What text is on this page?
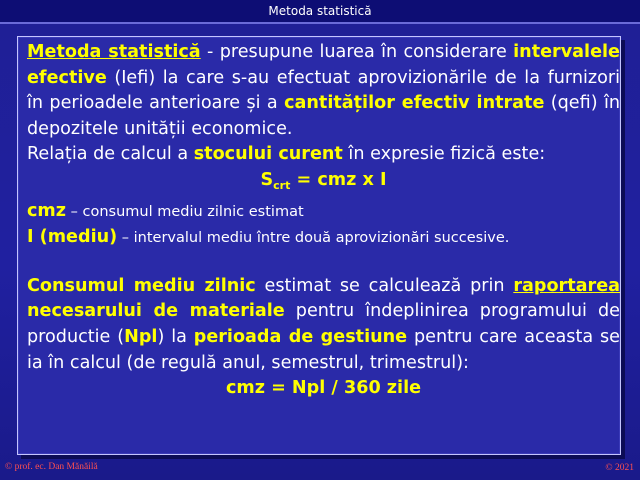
Metoda statistică
Metoda statistică - presupune luarea în considerare intervalele efective (Iefi) la care s-au efectuat aprovizionările de la furnizori în perioadele anterioare și a cantităților efectiv intrate (qefi) în depozitele unității economice.
Relația de calcul a stocului curent în expresie fizică este:
$S_{crt}$ = cmz x I
cmz – consumul mediu zilnic estimat
I (mediu) – intervalul mediu între două aprovizionări succesive.
Consumul mediu zilnic estimat se calculează prin raportarea necesarului de materiale pentru îndeplinirea programului de productie (Npl) la perioada de gestiune pentru care aceasta se ia în calcul (de regulă anul, semestrul, trimestrul):
cmz = Npl / 360 zile
© prof. ec. Dan Mănăilă	© 2021
